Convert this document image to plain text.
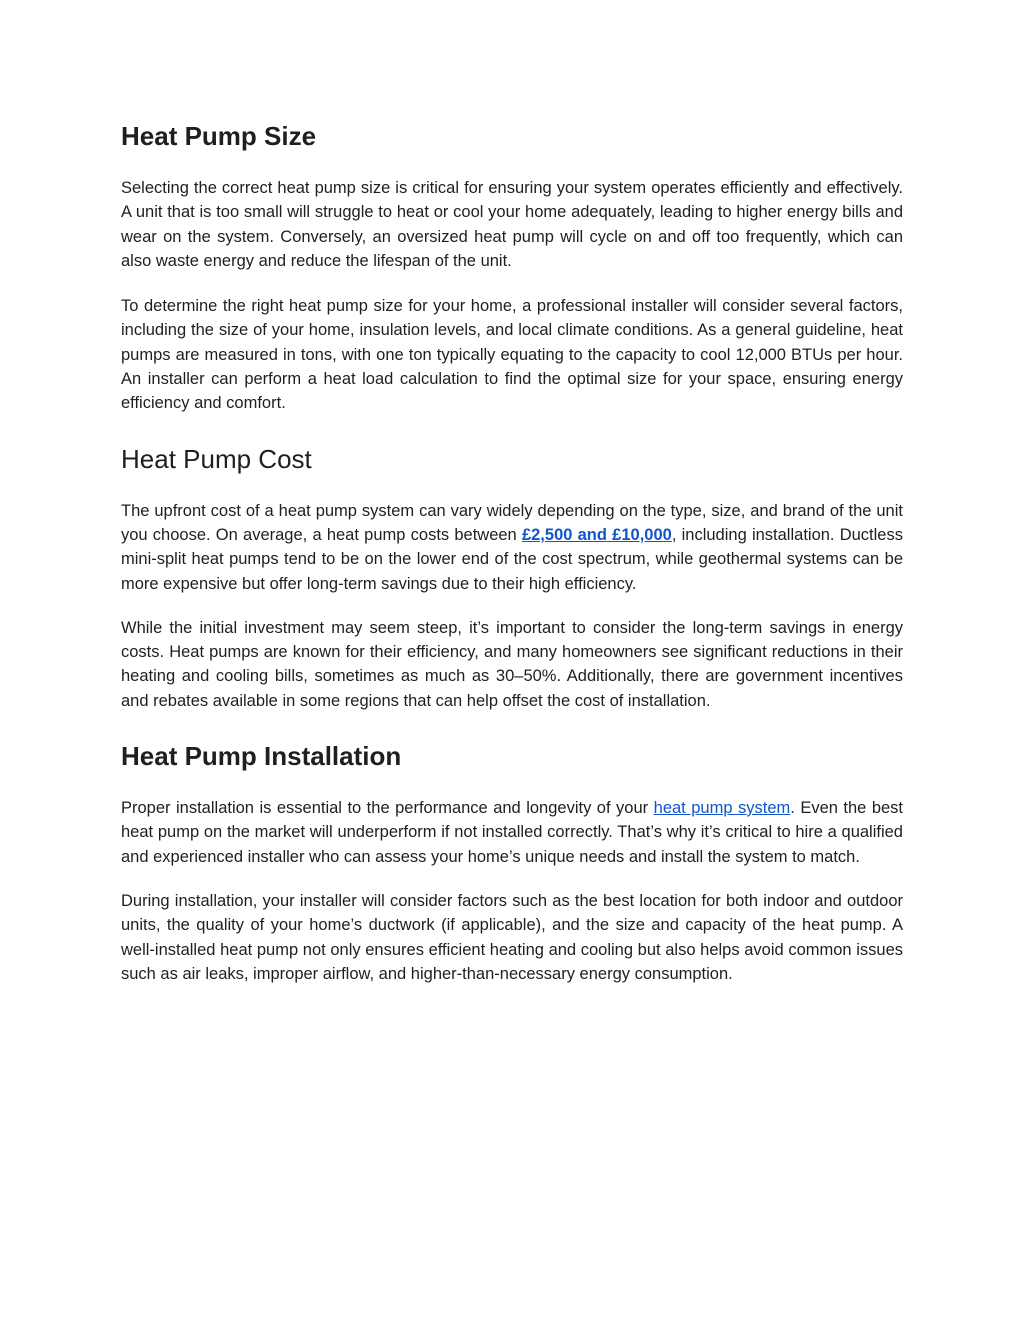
Heat Pump Size

Selecting the correct heat pump size is critical for ensuring your system operates efficiently and effectively. A unit that is too small will struggle to heat or cool your home adequately, leading to higher energy bills and wear on the system. Conversely, an oversized heat pump will cycle on and off too frequently, which can also waste energy and reduce the lifespan of the unit.

To determine the right heat pump size for your home, a professional installer will consider several factors, including the size of your home, insulation levels, and local climate conditions. As a general guideline, heat pumps are measured in tons, with one ton typically equating to the capacity to cool 12,000 BTUs per hour. An installer can perform a heat load calculation to find the optimal size for your space, ensuring energy efficiency and comfort.

Heat Pump Cost

The upfront cost of a heat pump system can vary widely depending on the type, size, and brand of the unit you choose. On average, a heat pump costs between £2,500 and £10,000, including installation. Ductless mini-split heat pumps tend to be on the lower end of the cost spectrum, while geothermal systems can be more expensive but offer long-term savings due to their high efficiency.

While the initial investment may seem steep, it’s important to consider the long-term savings in energy costs. Heat pumps are known for their efficiency, and many homeowners see significant reductions in their heating and cooling bills, sometimes as much as 30–50%. Additionally, there are government incentives and rebates available in some regions that can help offset the cost of installation.

Heat Pump Installation

Proper installation is essential to the performance and longevity of your heat pump system. Even the best heat pump on the market will underperform if not installed correctly. That’s why it’s critical to hire a qualified and experienced installer who can assess your home’s unique needs and install the system to match.

During installation, your installer will consider factors such as the best location for both indoor and outdoor units, the quality of your home’s ductwork (if applicable), and the size and capacity of the heat pump. A well-installed heat pump not only ensures efficient heating and cooling but also helps avoid common issues such as air leaks, improper airflow, and higher-than-necessary energy consumption.
